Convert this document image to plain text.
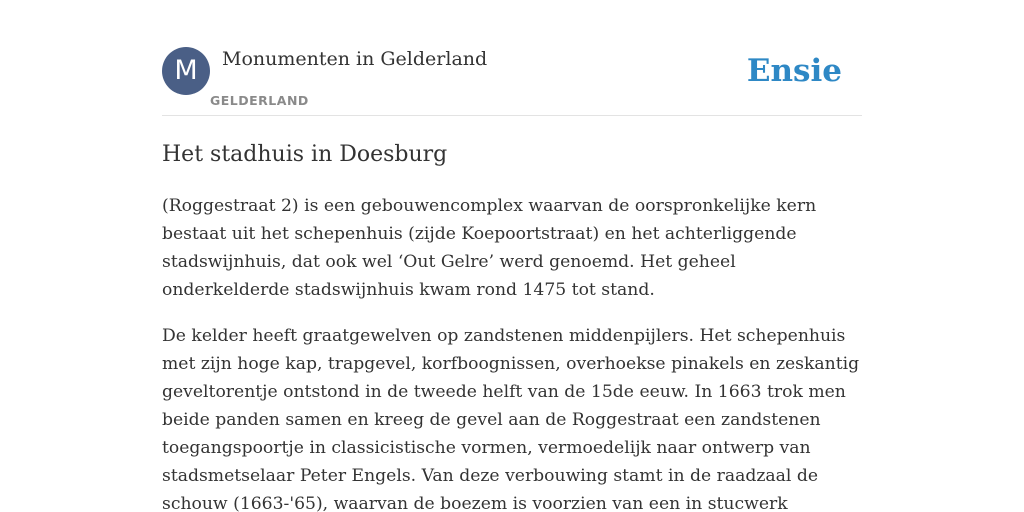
M	Monumenten in Gelderland
GELDERLAND
Ensie
Het stadhuis in Doesburg

(Roggestraat 2) is een gebouwencomplex waarvan de oorspronkelijke kern bestaat uit het schepenhuis (zijde Koepoortstraat) en het achterliggende stadswijnhuis, dat ook wel ‘Out Gelre’ werd genoemd. Het geheel onderkelderde stadswijnhuis kwam rond 1475 tot stand.

De kelder heeft graatgewelven op zandstenen middenpijlers. Het schepenhuis met zijn hoge kap, trapgevel, korfboognissen, overhoekse pinakels en zeskantig geveltorentje ontstond in de tweede helft van de 15de eeuw. In 1663 trok men beide panden samen en kreeg de gevel aan de Roggestraat een zandstenen toegangspoortje in classicistische vormen, vermoedelijk naar ontwerp van stadsmetselaar Peter Engels. Van deze verbouwing stamt in de raadzaal de schouw (1663-'65), waarvan de boezem is voorzien van een in stucwerk
